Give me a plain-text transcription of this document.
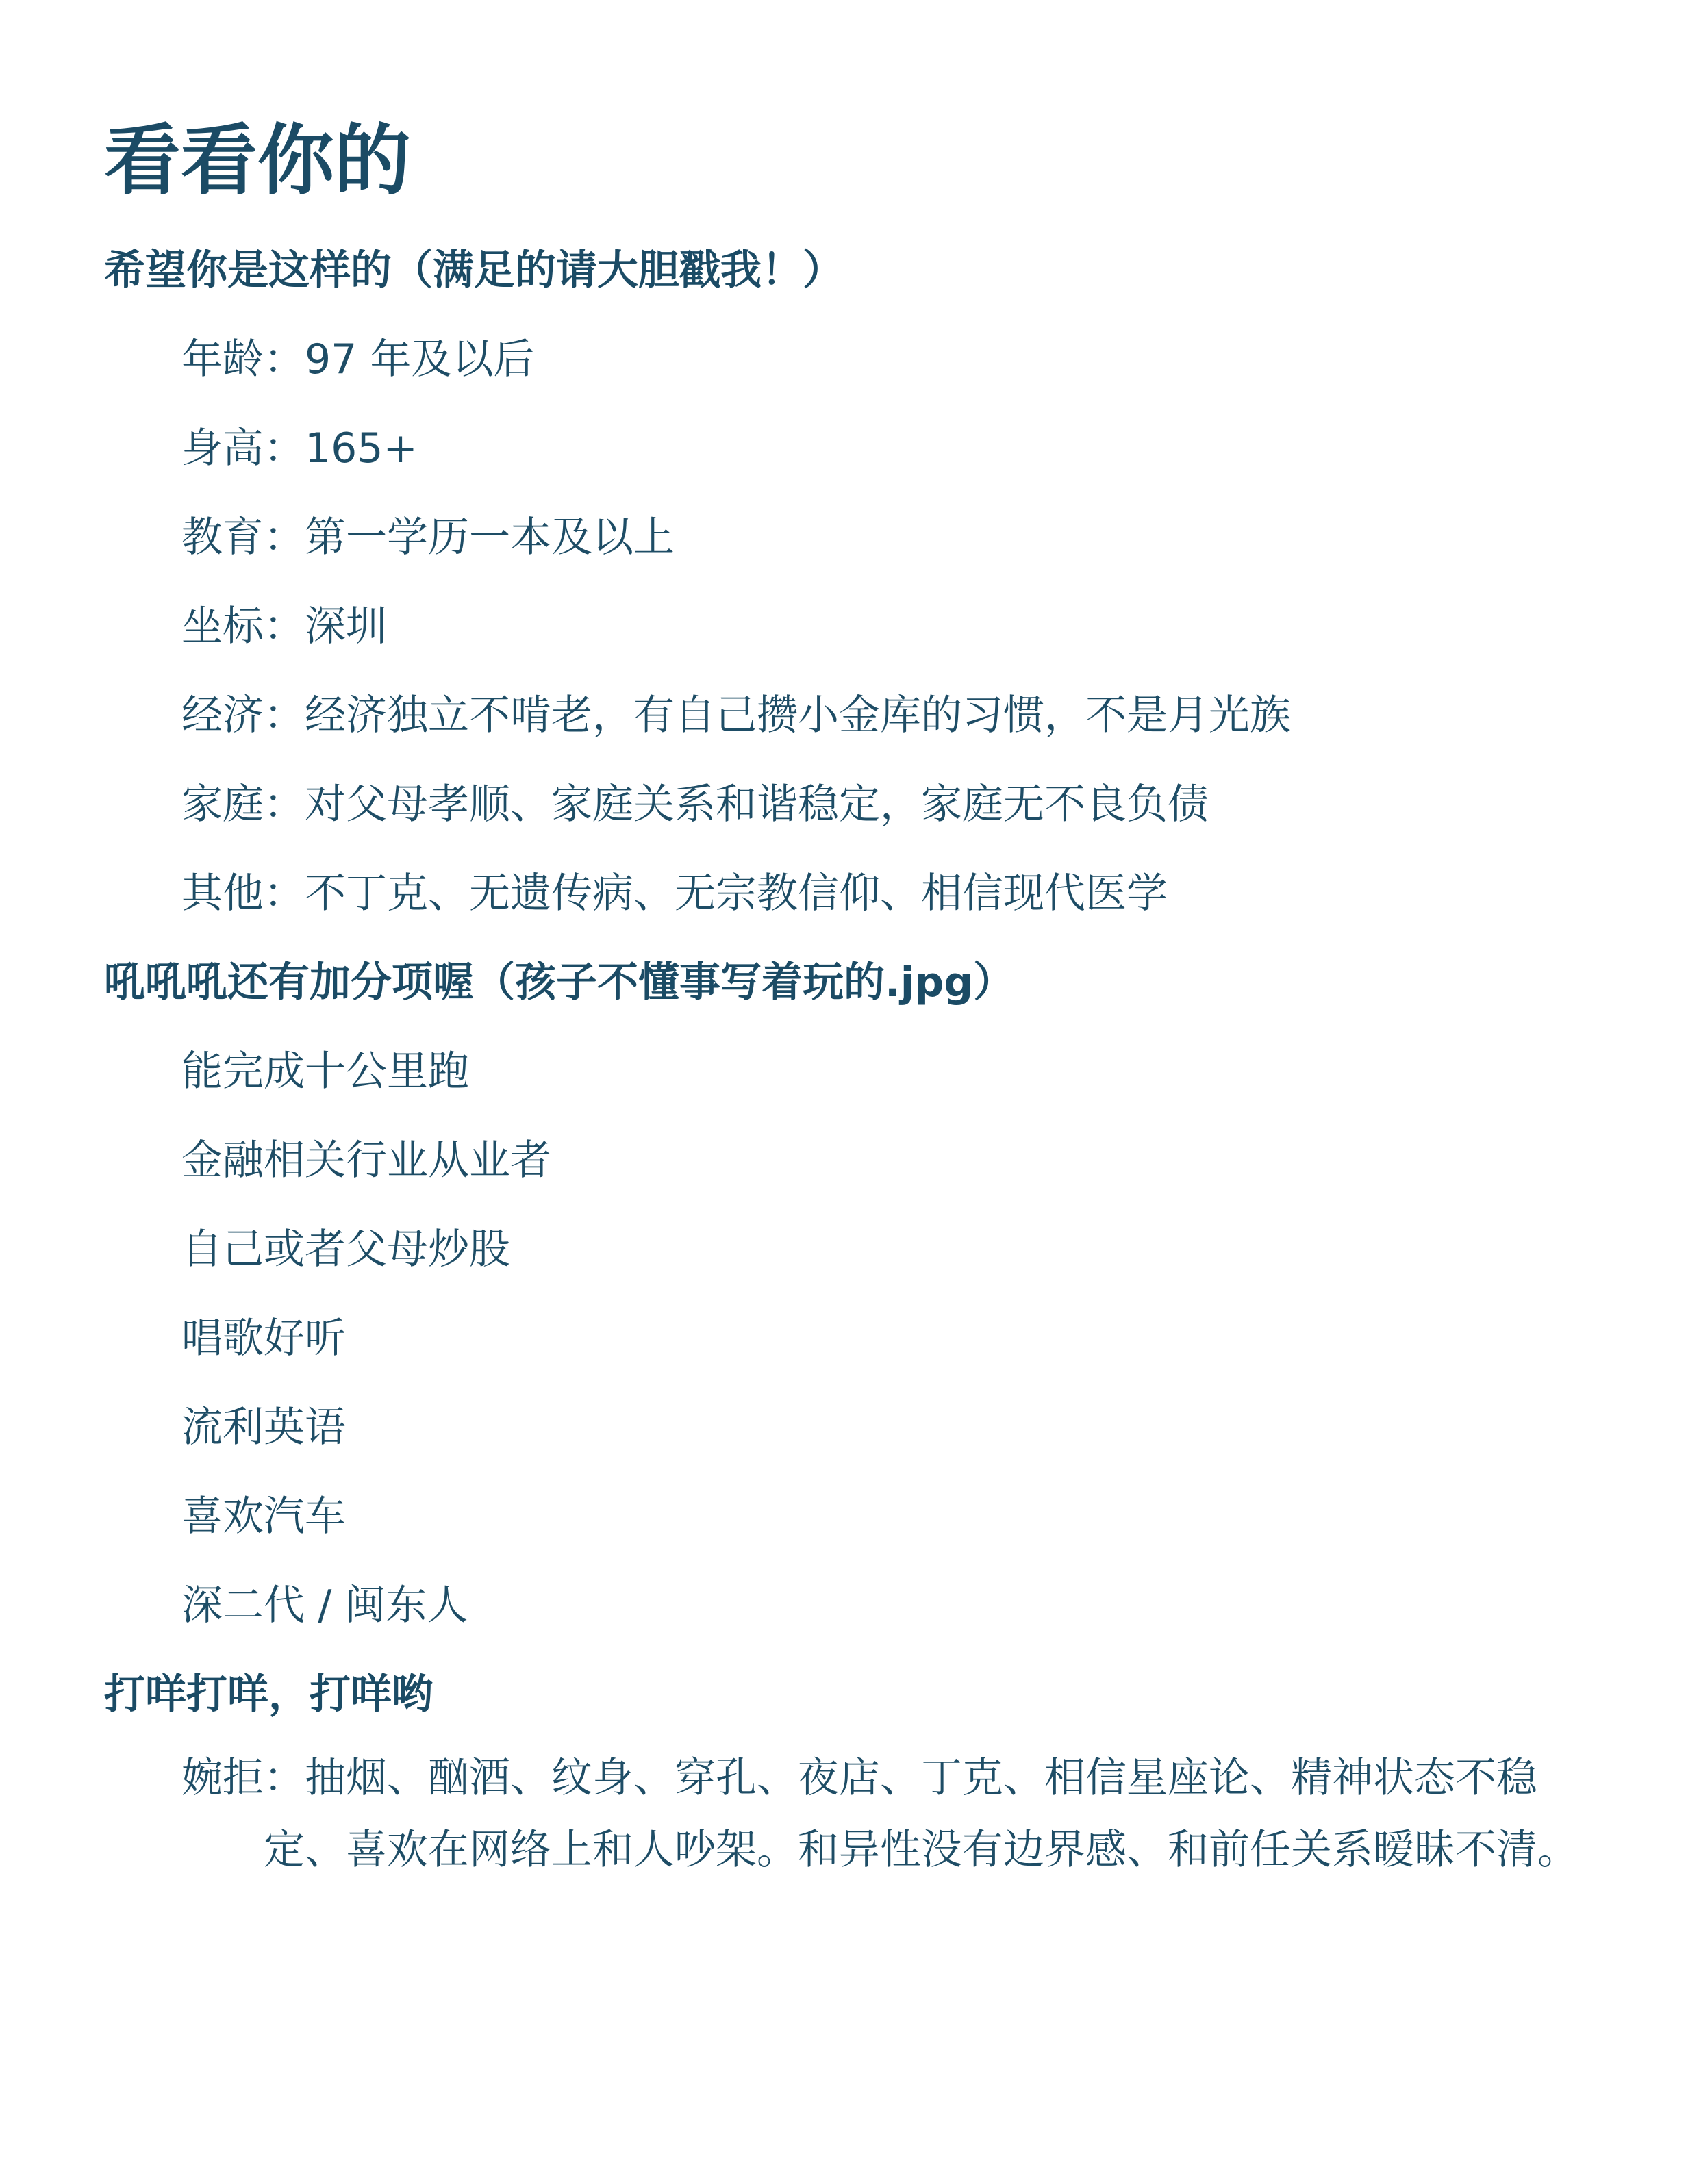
看看你的
希望你是这样的（满足的请大胆戳我！）

年龄：97 年及以后

身高：165+

教育：第一学历一本及以上

坐标：深圳

经济：经济独立不啃老，有自己攒小金库的习惯，不是月光族

家庭：对父母孝顺、家庭关系和谐稳定，家庭无不良负债

其他：不丁克、无遗传病、无宗教信仰、相信现代医学

吼吼吼还有加分项喔（孩子不懂事写着玩的.jpg）

能完成十公里跑

金融相关行业从业者

自己或者父母炒股

唱歌好听

流利英语

喜欢汽车

深二代 / 闽东人

打咩打咩，打咩哟
婉拒：抽烟、酗酒、纹身、穿孔、夜店、丁克、相信星座论、精神状态不稳
定、喜欢在网络上和人吵架。和异性没有边界感、和前任关系暧昧不清。
